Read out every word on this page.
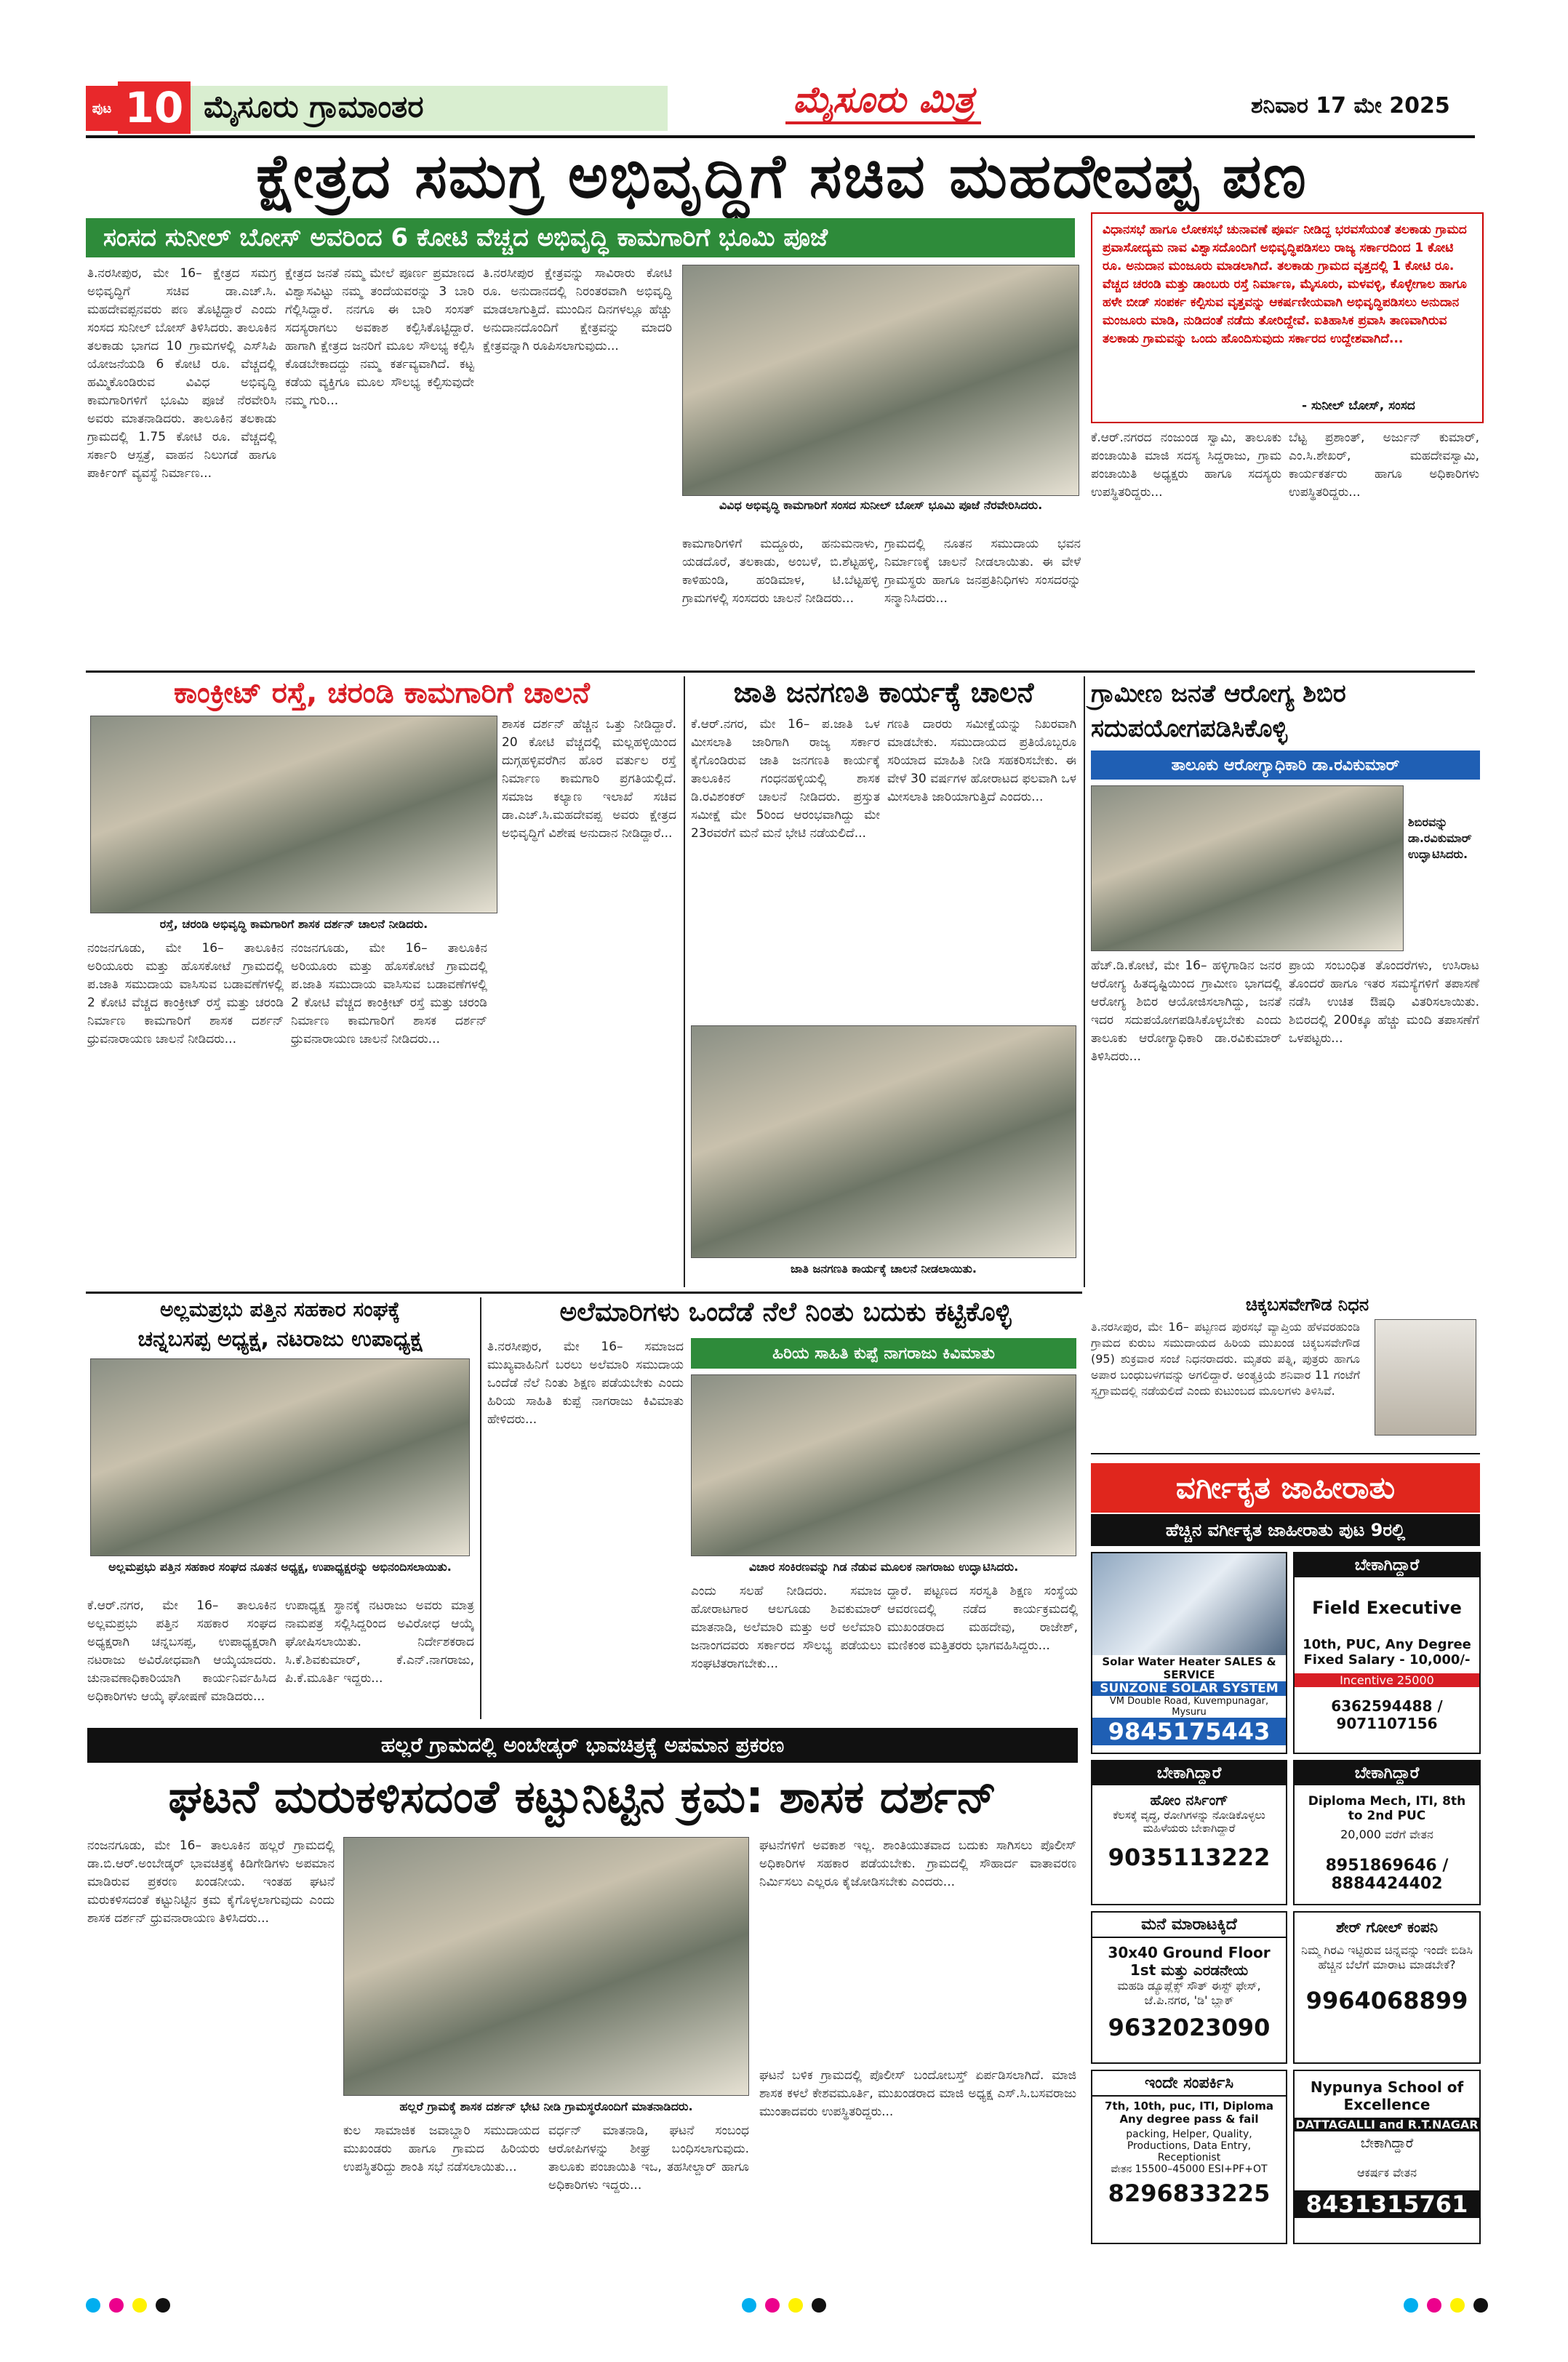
ಪುಟ 10 ಮೈಸೂರು ಗ್ರಾಮಾಂತರ	ಮೈಸೂರು ಮಿತ್ರ	ಶನಿವಾರ 17 ಮೇ 2025
ಕ್ಷೇತ್ರದ ಸಮಗ್ರ ಅಭಿವೃದ್ಧಿಗೆ ಸಚಿವ ಮಹದೇವಪ್ಪ ಪಣ
ಸಂಸದ ಸುನೀಲ್ ಬೋಸ್ ಅವರಿಂದ 6 ಕೋಟಿ ವೆಚ್ಚದ ಅಭಿವೃದ್ಧಿ ಕಾಮಗಾರಿಗೆ ಭೂಮಿ ಪೂಜೆ	ವಿಧಾನಸಭೆ ಹಾಗೂ ಲೋಕಸಭೆ ಚುನಾವಣೆ ಪೂರ್ವ ನೀಡಿದ್ದ ಭರವಸೆಯಂತೆ ತಲಕಾಡು ಗ್ರಾಮದ ಪ್ರವಾಸೋದ್ಯಮ ನಾವ ವಿಶ್ವಾಸದೊಂದಿಗೆ ಅಭಿವೃದ್ಧಿಪಡಿಸಲು ರಾಜ್ಯ ಸರ್ಕಾರದಿಂದ 1 ಕೋಟಿ ರೂ. ಅನುದಾನ ಮಂಜೂರು ಮಾಡಲಾಗಿದೆ. ತಲಕಾಡು ಗ್ರಾಮದ ವೃತ್ತದಲ್ಲಿ 1 ಕೋಟಿ ರೂ. ವೆಚ್ಚದ ಚರಂಡಿ ಮತ್ತು ಡಾಂಬರು ರಸ್ತೆ ನಿರ್ಮಾಣ, ಮೈಸೂರು, ಮಳವಳ್ಳಿ, ಕೊಳ್ಳೇಗಾಲ ಹಾಗೂ ಹಳೇ ಬೀಡ್ ಸಂಪರ್ಕ ಕಲ್ಪಿಸುವ ವೃತ್ತವನ್ನು ಆಕರ್ಷಣೀಯವಾಗಿ ಅಭಿವೃದ್ಧಿಪಡಿಸಲು ಅನುದಾನ ಮಂಜೂರು ಮಾಡಿ, ನುಡಿದಂತೆ ನಡೆದು ತೋರಿದ್ದೇವೆ. ಐತಿಹಾಸಿಕ ಪ್ರವಾಸಿ ತಾಣವಾಗಿರುವ ತಲಕಾಡು ಗ್ರಾಮವನ್ನು ಒಂದು ಹೊಂದಿಸುವುದು ಸರ್ಕಾರದ ಉದ್ದೇಶವಾಗಿದೆ...
- ಸುನೀಲ್ ಬೋಸ್, ಸಂಸದ
ತಿ.ನರಸೀಪುರ, ಮೇ 16– ಕ್ಷೇತ್ರದ ಸಮಗ್ರ ಅಭಿವೃದ್ಧಿಗೆ ಸಚಿವ ಡಾ.ಎಚ್.ಸಿ. ಮಹದೇವಪ್ಪನವರು ಪಣ ತೊಟ್ಟಿದ್ದಾರೆ ಎಂದು ಸಂಸದ ಸುನೀಲ್ ಬೋಸ್ ತಿಳಿಸಿದರು. ತಾಲೂಕಿನ ತಲಕಾಡು ಭಾಗದ 10 ಗ್ರಾಮಗಳಲ್ಲಿ ಎಸ್‌ಸಿಪಿ ಯೋಜನೆಯಡಿ 6 ಕೋಟಿ ರೂ. ವೆಚ್ಚದಲ್ಲಿ ಹಮ್ಮಿಕೊಂಡಿರುವ ವಿವಿಧ ಅಭಿವೃದ್ಧಿ ಕಾಮಗಾರಿಗಳಿಗೆ ಭೂಮಿ ಪೂಜೆ ನೆರವೇರಿಸಿ ಅವರು ಮಾತನಾಡಿದರು. ತಾಲೂಕಿನ ತಲಕಾಡು ಗ್ರಾಮದಲ್ಲಿ 1.75 ಕೋಟಿ ರೂ. ವೆಚ್ಚದಲ್ಲಿ ಸರ್ಕಾರಿ ಆಸ್ಪತ್ರೆ, ವಾಹನ ನಿಲುಗಡೆ ಹಾಗೂ ಪಾರ್ಕಿಂಗ್ ವ್ಯವಸ್ಥೆ ನಿರ್ಮಾಣ...
ಕ್ಷೇತ್ರದ ಜನತೆ ನಮ್ಮ ಮೇಲೆ ಪೂರ್ಣ ಪ್ರಮಾಣದ ವಿಶ್ವಾಸವಿಟ್ಟು ನಮ್ಮ ತಂದೆಯವರನ್ನು 3 ಬಾರಿ ಗೆಲ್ಲಿಸಿದ್ದಾರೆ. ನನಗೂ ಈ ಬಾರಿ ಸಂಸತ್ ಸದಸ್ಯರಾಗಲು ಅವಕಾಶ ಕಲ್ಪಿಸಿಕೊಟ್ಟಿದ್ದಾರೆ. ಹಾಗಾಗಿ ಕ್ಷೇತ್ರದ ಜನರಿಗೆ ಮೂಲ ಸೌಲಭ್ಯ ಕಲ್ಪಿಸಿ ಕೊಡಬೇಕಾದದ್ದು ನಮ್ಮ ಕರ್ತವ್ಯವಾಗಿದೆ. ಕಟ್ಟ ಕಡೆಯ ವ್ಯಕ್ತಿಗೂ ಮೂಲ ಸೌಲಭ್ಯ ಕಲ್ಪಿಸುವುದೇ ನಮ್ಮ ಗುರಿ...
ತಿ.ನರಸೀಪುರ ಕ್ಷೇತ್ರವನ್ನು ಸಾವಿರಾರು ಕೋಟಿ ರೂ. ಅನುದಾನದಲ್ಲಿ ನಿರಂತರವಾಗಿ ಅಭಿವೃದ್ಧಿ ಮಾಡಲಾಗುತ್ತಿದೆ. ಮುಂದಿನ ದಿನಗಳಲ್ಲೂ ಹೆಚ್ಚು ಅನುದಾನದೊಂದಿಗೆ ಕ್ಷೇತ್ರವನ್ನು ಮಾದರಿ ಕ್ಷೇತ್ರವನ್ನಾಗಿ ರೂಪಿಸಲಾಗುವುದು...
ವಿವಿಧ ಅಭಿವೃದ್ಧಿ ಕಾಮಗಾರಿಗೆ ಸಂಸದ ಸುನೀಲ್ ಬೋಸ್ ಭೂಮಿ ಪೂಜೆ ನೆರವೇರಿಸಿದರು.
ಕಾಮಗಾರಿಗಳಿಗೆ ಮದ್ದೂರು, ಹನುಮನಾಳು, ಯಡದೊರೆ, ತಲಕಾಡು, ಅಂಬಳೆ, ಬಿ.ಶೆಟ್ಟಹಳ್ಳಿ, ಕಾಳಿಹುಂಡಿ, ಹಂಡಿಮಾಳ, ಟಿ.ಬೆಟ್ಟಹಳ್ಳಿ ಗ್ರಾಮಗಳಲ್ಲಿ ಸಂಸದರು ಚಾಲನೆ ನೀಡಿದರು...
ಗ್ರಾಮದಲ್ಲಿ ನೂತನ ಸಮುದಾಯ ಭವನ ನಿರ್ಮಾಣಕ್ಕೆ ಚಾಲನೆ ನೀಡಲಾಯಿತು. ಈ ವೇಳೆ ಗ್ರಾಮಸ್ಥರು ಹಾಗೂ ಜನಪ್ರತಿನಿಧಿಗಳು ಸಂಸದರನ್ನು ಸನ್ಮಾನಿಸಿದರು...
ಕೆ.ಆರ್.ನಗರದ ನಂಜುಂಡ ಸ್ವಾಮಿ, ತಾಲೂಕು ಪಂಚಾಯಿತಿ ಮಾಜಿ ಸದಸ್ಯ ಸಿದ್ದರಾಜು, ಗ್ರಾಮ ಪಂಚಾಯಿತಿ ಅಧ್ಯಕ್ಷರು ಹಾಗೂ ಸದಸ್ಯರು ಉಪಸ್ಥಿತರಿದ್ದರು...
ಬೆಟ್ಟ ಪ್ರಶಾಂತ್, ಅರ್ಜುನ್ ಕುಮಾರ್, ಎಂ.ಸಿ.ಶೇಖರ್, ಮಹದೇವಸ್ವಾಮಿ, ಕಾರ್ಯಕರ್ತರು ಹಾಗೂ ಅಧಿಕಾರಿಗಳು ಉಪಸ್ಥಿತರಿದ್ದರು...
ಕಾಂಕ್ರೀಟ್ ರಸ್ತೆ, ಚರಂಡಿ ಕಾಮಗಾರಿಗೆ ಚಾಲನೆ
ರಸ್ತೆ, ಚರಂಡಿ ಅಭಿವೃದ್ಧಿ ಕಾಮಗಾರಿಗೆ ಶಾಸಕ ದರ್ಶನ್ ಚಾಲನೆ ನೀಡಿದರು.
ನಂಜನಗೂಡು, ಮೇ 16– ತಾಲೂಕಿನ ಅರಿಯೂರು ಮತ್ತು ಹೊಸಕೋಟೆ ಗ್ರಾಮದಲ್ಲಿ ಪ.ಜಾತಿ ಸಮುದಾಯ ವಾಸಿಸುವ ಬಡಾವಣೆಗಳಲ್ಲಿ 2 ಕೋಟಿ ವೆಚ್ಚದ ಕಾಂಕ್ರೀಟ್ ರಸ್ತೆ ಮತ್ತು ಚರಂಡಿ ನಿರ್ಮಾಣ ಕಾಮಗಾರಿಗೆ ಶಾಸಕ ದರ್ಶನ್ ಧ್ರುವನಾರಾಯಣ ಚಾಲನೆ ನೀಡಿದರು...
ನಂಜನಗೂಡು, ಮೇ 16– ತಾಲೂಕಿನ ಅರಿಯೂರು ಮತ್ತು ಹೊಸಕೋಟೆ ಗ್ರಾಮದಲ್ಲಿ ಪ.ಜಾತಿ ಸಮುದಾಯ ವಾಸಿಸುವ ಬಡಾವಣೆಗಳಲ್ಲಿ 2 ಕೋಟಿ ವೆಚ್ಚದ ಕಾಂಕ್ರೀಟ್ ರಸ್ತೆ ಮತ್ತು ಚರಂಡಿ ನಿರ್ಮಾಣ ಕಾಮಗಾರಿಗೆ ಶಾಸಕ ದರ್ಶನ್ ಧ್ರುವನಾರಾಯಣ ಚಾಲನೆ ನೀಡಿದರು...
ಶಾಸಕ ದರ್ಶನ್ ಹೆಚ್ಚಿನ ಒತ್ತು ನೀಡಿದ್ದಾರೆ. 20 ಕೋಟಿ ವೆಚ್ಚದಲ್ಲಿ ಮಲ್ಲಹಳ್ಳಿಯಿಂದ ದುಗ್ಗಹಳ್ಳಿವರೆಗಿನ ಹೊರ ವರ್ತುಲ ರಸ್ತೆ ನಿರ್ಮಾಣ ಕಾಮಗಾರಿ ಪ್ರಗತಿಯಲ್ಲಿದೆ. ಸಮಾಜ ಕಲ್ಯಾಣ ಇಲಾಖೆ ಸಚಿವ ಡಾ.ಎಚ್.ಸಿ.ಮಹದೇವಪ್ಪ ಅವರು ಕ್ಷೇತ್ರದ ಅಭಿವೃದ್ಧಿಗೆ ವಿಶೇಷ ಅನುದಾನ ನೀಡಿದ್ದಾರೆ...
ಜಾತಿ ಜನಗಣತಿ ಕಾರ್ಯಕ್ಕೆ ಚಾಲನೆ
ಕೆ.ಆರ್.ನಗರ, ಮೇ 16– ಪ.ಜಾತಿ ಒಳ ಮೀಸಲಾತಿ ಜಾರಿಗಾಗಿ ರಾಜ್ಯ ಸರ್ಕಾರ ಕೈಗೊಂಡಿರುವ ಜಾತಿ ಜನಗಣತಿ ಕಾರ್ಯಕ್ಕೆ ತಾಲೂಕಿನ ಗಂಧನಹಳ್ಳಿಯಲ್ಲಿ ಶಾಸಕ ಡಿ.ರವಿಶಂಕರ್ ಚಾಲನೆ ನೀಡಿದರು. ಪ್ರಸ್ತುತ ಸಮೀಕ್ಷೆ ಮೇ 5ರಿಂದ ಆರಂಭವಾಗಿದ್ದು ಮೇ 23ರವರೆಗೆ ಮನೆ ಮನೆ ಭೇಟಿ ನಡೆಯಲಿದೆ...
ಗಣತಿ ದಾರರು ಸಮೀಕ್ಷೆಯನ್ನು ನಿಖರವಾಗಿ ಮಾಡಬೇಕು. ಸಮುದಾಯದ ಪ್ರತಿಯೊಬ್ಬರೂ ಸರಿಯಾದ ಮಾಹಿತಿ ನೀಡಿ ಸಹಕರಿಸಬೇಕು. ಈ ವೇಳೆ 30 ವರ್ಷಗಳ ಹೋರಾಟದ ಫಲವಾಗಿ ಒಳ ಮೀಸಲಾತಿ ಜಾರಿಯಾಗುತ್ತಿದೆ ಎಂದರು...
ಜಾತಿ ಜನಗಣತಿ ಕಾರ್ಯಕ್ಕೆ ಚಾಲನೆ ನೀಡಲಾಯಿತು.
ಗ್ರಾಮೀಣ ಜನತೆ ಆರೋಗ್ಯ ಶಿಬಿರ ಸದುಪಯೋಗಪಡಿಸಿಕೊಳ್ಳಿ
ತಾಲೂಕು ಆರೋಗ್ಯಾಧಿಕಾರಿ ಡಾ.ರವಿಕುಮಾರ್
ಶಿಬಿರವನ್ನು ಡಾ.ರವಿಕುಮಾರ್ ಉದ್ಘಾಟಿಸಿದರು.
ಹೆಚ್.ಡಿ.ಕೋಟೆ, ಮೇ 16– ಹಳ್ಳಿಗಾಡಿನ ಜನರ ಆರೋಗ್ಯ ಹಿತದೃಷ್ಟಿಯಿಂದ ಗ್ರಾಮೀಣ ಭಾಗದಲ್ಲಿ ಆರೋಗ್ಯ ಶಿಬಿರ ಆಯೋಜಿಸಲಾಗಿದ್ದು, ಜನತೆ ಇದರ ಸದುಪಯೋಗಪಡಿಸಿಕೊಳ್ಳಬೇಕು ಎಂದು ತಾಲೂಕು ಆರೋಗ್ಯಾಧಿಕಾರಿ ಡಾ.ರವಿಕುಮಾರ್ ತಿಳಿಸಿದರು...
ಪ್ರಾಯ ಸಂಬಂಧಿತ ತೊಂದರೆಗಳು, ಉಸಿರಾಟ ತೊಂದರೆ ಹಾಗೂ ಇತರ ಸಮಸ್ಯೆಗಳಿಗೆ ತಪಾಸಣೆ ನಡೆಸಿ ಉಚಿತ ಔಷಧಿ ವಿತರಿಸಲಾಯಿತು. ಶಿಬಿರದಲ್ಲಿ 200ಕ್ಕೂ ಹೆಚ್ಚು ಮಂದಿ ತಪಾಸಣೆಗೆ ಒಳಪಟ್ಟರು...
ಚಿಕ್ಕಬಸವೇಗೌಡ ನಿಧನ
ತಿ.ನರಸೀಪುರ, ಮೇ 16– ಪಟ್ಟಣದ ಪುರಸಭೆ ವ್ಯಾಪ್ತಿಯ ಹೆಳವರಹುಂಡಿ ಗ್ರಾಮದ ಕುರುಬ ಸಮುದಾಯದ ಹಿರಿಯ ಮುಖಂಡ ಚಿಕ್ಕಬಸವೇಗೌಡ (95) ಶುಕ್ರವಾರ ಸಂಜೆ ನಿಧನರಾದರು. ಮೃತರು ಪತ್ನಿ, ಪುತ್ರರು ಹಾಗೂ ಅಪಾರ ಬಂಧುಬಳಗವನ್ನು ಅಗಲಿದ್ದಾರೆ. ಅಂತ್ಯಕ್ರಿಯೆ ಶನಿವಾರ 11 ಗಂಟೆಗೆ ಸ್ವಗ್ರಾಮದಲ್ಲಿ ನಡೆಯಲಿದೆ ಎಂದು ಕುಟುಂಬದ ಮೂಲಗಳು ತಿಳಿಸಿವೆ.
ವರ್ಗೀಕೃತ ಜಾಹೀರಾತು
ಹೆಚ್ಚಿನ ವರ್ಗೀಕೃತ ಜಾಹೀರಾತು ಪುಟ 9ರಲ್ಲಿ
Solar Water Heater SALES & SERVICE
SUNZONE SOLAR SYSTEM
VM Double Road, Kuvempunagar, Mysuru
9845175443
ಬೇಕಾಗಿದ್ದಾರೆ
Field Executive
10th, PUC, Any Degree Fixed Salary - 10,000/-
Incentive 25000
6362594488 / 9071107156
ಬೇಕಾಗಿದ್ದಾರೆ
ಹೋಂ ನರ್ಸಿಂಗ್
ಕೆಲಸಕ್ಕೆ ವೃದ್ಧ, ರೋಗಿಗಳನ್ನು ನೋಡಿಕೊಳ್ಳಲು
ಮಹಿಳೆಯರು ಬೇಕಾಗಿದ್ದಾರೆ
9035113222
ಬೇಕಾಗಿದ್ದಾರೆ
Diploma Mech, ITI, 8th to 2nd PUC
20,000 ವರೆಗೆ ವೇತನ
8951869646 / 8884424402
ಮನೆ ಮಾರಾಟಕ್ಕಿದೆ
30x40 Ground Floor 1st ಮತ್ತು ಎರಡನೇಯ
ಮಹಡಿ ಡ್ಯೂಪ್ಲೆಕ್ಸ್ ಸೌತ್ ಈಸ್ಟ್ ಫೇಸ್, ಜೆ.ಪಿ.ನಗರ, 'ಡಿ' ಬ್ಲಾಕ್
9632023090
ಶೇರ್ ಗೋಲ್ ಕಂಪನಿ
ನಿಮ್ಮ ಗಿರವಿ ಇಟ್ಟಿರುವ ಚಿನ್ನವನ್ನು ಇಂದೇ ಬಿಡಿಸಿ
ಹೆಚ್ಚಿನ ಬೆಲೆಗೆ ಮಾರಾಟ ಮಾಡಬೇಕೆ?
9964068899
ಇಂದೇ ಸಂಪರ್ಕಿಸಿ
7th, 10th, puc, ITI, Diploma Any degree pass & fail
packing, Helper, Quality, Productions, Data Entry, Receptionist
ವೇತನ 15500–45000 ESI+PF+OT
8296833225
Nypunya School of Excellence
DATTAGALLI and R.T.NAGAR
ಬೇಕಾಗಿದ್ದಾರೆ
ಆಕರ್ಷಕ ವೇತನ
8431315761
ಅಲ್ಲಮಪ್ರಭು ಪತ್ತಿನ ಸಹಕಾರ ಸಂಘಕ್ಕೆ
ಚನ್ನಬಸಪ್ಪ ಅಧ್ಯಕ್ಷ, ನಟರಾಜು ಉಪಾಧ್ಯಕ್ಷ
ಅಲ್ಲಮಪ್ರಭು ಪತ್ತಿನ ಸಹಕಾರ ಸಂಘದ ನೂತನ ಅಧ್ಯಕ್ಷ, ಉಪಾಧ್ಯಕ್ಷರನ್ನು ಅಭಿನಂದಿಸಲಾಯಿತು.
ಕೆ.ಆರ್.ನಗರ, ಮೇ 16– ತಾಲೂಕಿನ ಅಲ್ಲಮಪ್ರಭು ಪತ್ತಿನ ಸಹಕಾರ ಸಂಘದ ಅಧ್ಯಕ್ಷರಾಗಿ ಚನ್ನಬಸಪ್ಪ, ಉಪಾಧ್ಯಕ್ಷರಾಗಿ ನಟರಾಜು ಅವಿರೋಧವಾಗಿ ಆಯ್ಕೆಯಾದರು. ಚುನಾವಣಾಧಿಕಾರಿಯಾಗಿ ಕಾರ್ಯನಿರ್ವಹಿಸಿದ ಅಧಿಕಾರಿಗಳು ಆಯ್ಕೆ ಘೋಷಣೆ ಮಾಡಿದರು...
ಉಪಾಧ್ಯಕ್ಷ ಸ್ಥಾನಕ್ಕೆ ನಟರಾಜು ಅವರು ಮಾತ್ರ ನಾಮಪತ್ರ ಸಲ್ಲಿಸಿದ್ದರಿಂದ ಅವಿರೋಧ ಆಯ್ಕೆ ಘೋಷಿಸಲಾಯಿತು. ನಿರ್ದೇಶಕರಾದ ಸಿ.ಕೆ.ಶಿವಕುಮಾರ್, ಕೆ.ಎನ್.ನಾಗರಾಜು, ಪಿ.ಕೆ.ಮೂರ್ತಿ ಇದ್ದರು...
ಅಲೆಮಾರಿಗಳು ಒಂದೆಡೆ ನೆಲೆ ನಿಂತು ಬದುಕು ಕಟ್ಟಿಕೊಳ್ಳಿ
ಹಿರಿಯ ಸಾಹಿತಿ ಕುಪ್ಪೆ ನಾಗರಾಜು ಕಿವಿಮಾತು
ತಿ.ನರಸೀಪುರ, ಮೇ 16– ಸಮಾಜದ ಮುಖ್ಯವಾಹಿನಿಗೆ ಬರಲು ಅಲೆಮಾರಿ ಸಮುದಾಯ ಒಂದೆಡೆ ನೆಲೆ ನಿಂತು ಶಿಕ್ಷಣ ಪಡೆಯಬೇಕು ಎಂದು ಹಿರಿಯ ಸಾಹಿತಿ ಕುಪ್ಪೆ ನಾಗರಾಜು ಕಿವಿಮಾತು ಹೇಳಿದರು...
ವಿಚಾರ ಸಂಕಿರಣವನ್ನು ಗಿಡ ನೆಡುವ ಮೂಲಕ ನಾಗರಾಜು ಉದ್ಘಾಟಿಸಿದರು.
ಎಂದು ಸಲಹೆ ನೀಡಿದರು. ಸಮಾಜ ಹೋರಾಟಗಾರ ಆಲಗೂಡು ಶಿವಕುಮಾರ್ ಮಾತನಾಡಿ, ಅಲೆಮಾರಿ ಮತ್ತು ಅರೆ ಅಲೆಮಾರಿ ಜನಾಂಗದವರು ಸರ್ಕಾರದ ಸೌಲಭ್ಯ ಪಡೆಯಲು ಸಂಘಟಿತರಾಗಬೇಕು...
ದ್ದಾರೆ. ಪಟ್ಟಣದ ಸರಸ್ವತಿ ಶಿಕ್ಷಣ ಸಂಸ್ಥೆಯ ಆವರಣದಲ್ಲಿ ನಡೆದ ಕಾರ್ಯಕ್ರಮದಲ್ಲಿ ಮುಖಂಡರಾದ ಮಹದೇವು, ರಾಜೇಶ್, ಮಣಿಕಂಠ ಮತ್ತಿತರರು ಭಾಗವಹಿಸಿದ್ದರು...
ಹಲ್ಲರೆ ಗ್ರಾಮದಲ್ಲಿ ಅಂಬೇಡ್ಕರ್ ಭಾವಚಿತ್ರಕ್ಕೆ ಅಪಮಾನ ಪ್ರಕರಣ
ಘಟನೆ ಮರುಕಳಿಸದಂತೆ ಕಟ್ಟುನಿಟ್ಟಿನ ಕ್ರಮ: ಶಾಸಕ ದರ್ಶನ್
ನಂಜನಗೂಡು, ಮೇ 16– ತಾಲೂಕಿನ ಹಲ್ಲರೆ ಗ್ರಾಮದಲ್ಲಿ ಡಾ.ಬಿ.ಆರ್.ಅಂಬೇಡ್ಕರ್ ಭಾವಚಿತ್ರಕ್ಕೆ ಕಿಡಿಗೇಡಿಗಳು ಅಪಮಾನ ಮಾಡಿರುವ ಪ್ರಕರಣ ಖಂಡನೀಯ. ಇಂತಹ ಘಟನೆ ಮರುಕಳಿಸದಂತೆ ಕಟ್ಟುನಿಟ್ಟಿನ ಕ್ರಮ ಕೈಗೊಳ್ಳಲಾಗುವುದು ಎಂದು ಶಾಸಕ ದರ್ಶನ್ ಧ್ರುವನಾರಾಯಣ ತಿಳಿಸಿದರು...
ಹಲ್ಲರೆ ಗ್ರಾಮಕ್ಕೆ ಶಾಸಕ ದರ್ಶನ್ ಭೇಟಿ ನೀಡಿ ಗ್ರಾಮಸ್ಥರೊಂದಿಗೆ ಮಾತನಾಡಿದರು.
ಕುಲ ಸಾಮಾಜಿಕ ಜವಾಬ್ದಾರಿ ಸಮುದಾಯದ ಮುಖಂಡರು ಹಾಗೂ ಗ್ರಾಮದ ಹಿರಿಯರು ಉಪಸ್ಥಿತರಿದ್ದು ಶಾಂತಿ ಸಭೆ ನಡೆಸಲಾಯಿತು...
ವರ್ಧನ್ ಮಾತನಾಡಿ, ಘಟನೆ ಸಂಬಂಧ ಆರೋಪಿಗಳನ್ನು ಶೀಘ್ರ ಬಂಧಿಸಲಾಗುವುದು. ತಾಲೂಕು ಪಂಚಾಯಿತಿ ಇಒ, ತಹಸೀಲ್ದಾರ್ ಹಾಗೂ ಅಧಿಕಾರಿಗಳು ಇದ್ದರು...
ಘಟನೆಗಳಿಗೆ ಅವಕಾಶ ಇಲ್ಲ. ಶಾಂತಿಯುತವಾದ ಬದುಕು ಸಾಗಿಸಲು ಪೊಲೀಸ್ ಅಧಿಕಾರಿಗಳ ಸಹಕಾರ ಪಡೆಯಬೇಕು. ಗ್ರಾಮದಲ್ಲಿ ಸೌಹಾರ್ದ ವಾತಾವರಣ ನಿರ್ಮಿಸಲು ಎಲ್ಲರೂ ಕೈಜೋಡಿಸಬೇಕು ಎಂದರು...
ಘಟನೆ ಬಳಿಕ ಗ್ರಾಮದಲ್ಲಿ ಪೊಲೀಸ್ ಬಂದೋಬಸ್ತ್ ಏರ್ಪಡಿಸಲಾಗಿದೆ. ಮಾಜಿ ಶಾಸಕ ಕಳಲೆ ಕೇಶವಮೂರ್ತಿ, ಮುಖಂಡರಾದ ಮಾಜಿ ಅಧ್ಯಕ್ಷ ಎಸ್.ಸಿ.ಬಸವರಾಜು ಮುಂತಾದವರು ಉಪಸ್ಥಿತರಿದ್ದರು...
